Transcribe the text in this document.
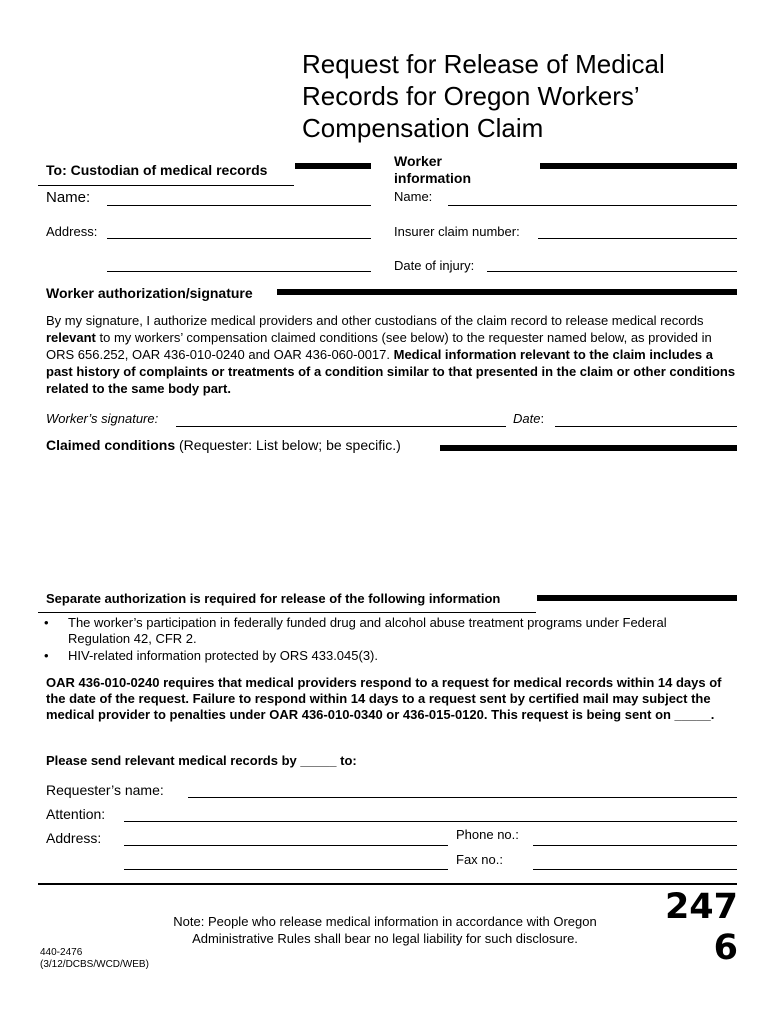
Request for Release of Medical
Records for Oregon Workers’
Compensation Claim
To: Custodian of medical records
Name:
Address:
Worker
information
Name:
Insurer claim number:
Date of injury:
Worker authorization/signature

By my signature, I authorize medical providers and other custodians of the claim record to release medical records relevant to my workers’ compensation claimed conditions (see below) to the requester named below, as provided in ORS 656.252, OAR 436-010-0240 and OAR 436-060-0017. Medical information relevant to the claim includes a past history of complaints or treatments of a condition similar to that presented in the claim or other conditions related to the same body part.

Worker’s signature:	Date:
Claimed conditions (Requester: List below; be specific.)
Separate authorization is required for release of the following information
• The worker’s participation in federally funded drug and alcohol abuse treatment programs under Federal Regulation 42, CFR 2.
• HIV-related information protected by ORS 433.045(3).

OAR 436-010-0240 requires that medical providers respond to a request for medical records within 14 days of the date of the request. Failure to respond within 14 days to a request sent by certified mail may subject the medical provider to penalties under OAR 436-010-0340 or 436-015-0120. This request is being sent on _____.

Please send relevant medical records by _____ to:
Requester’s name:
Attention:
Address:	Phone no.:
Fax no.:
Note: People who release medical information in accordance with Oregon
Administrative Rules shall bear no legal liability for such disclosure.
440-2476
(3/12/DCBS/WCD/WEB)
247
6
